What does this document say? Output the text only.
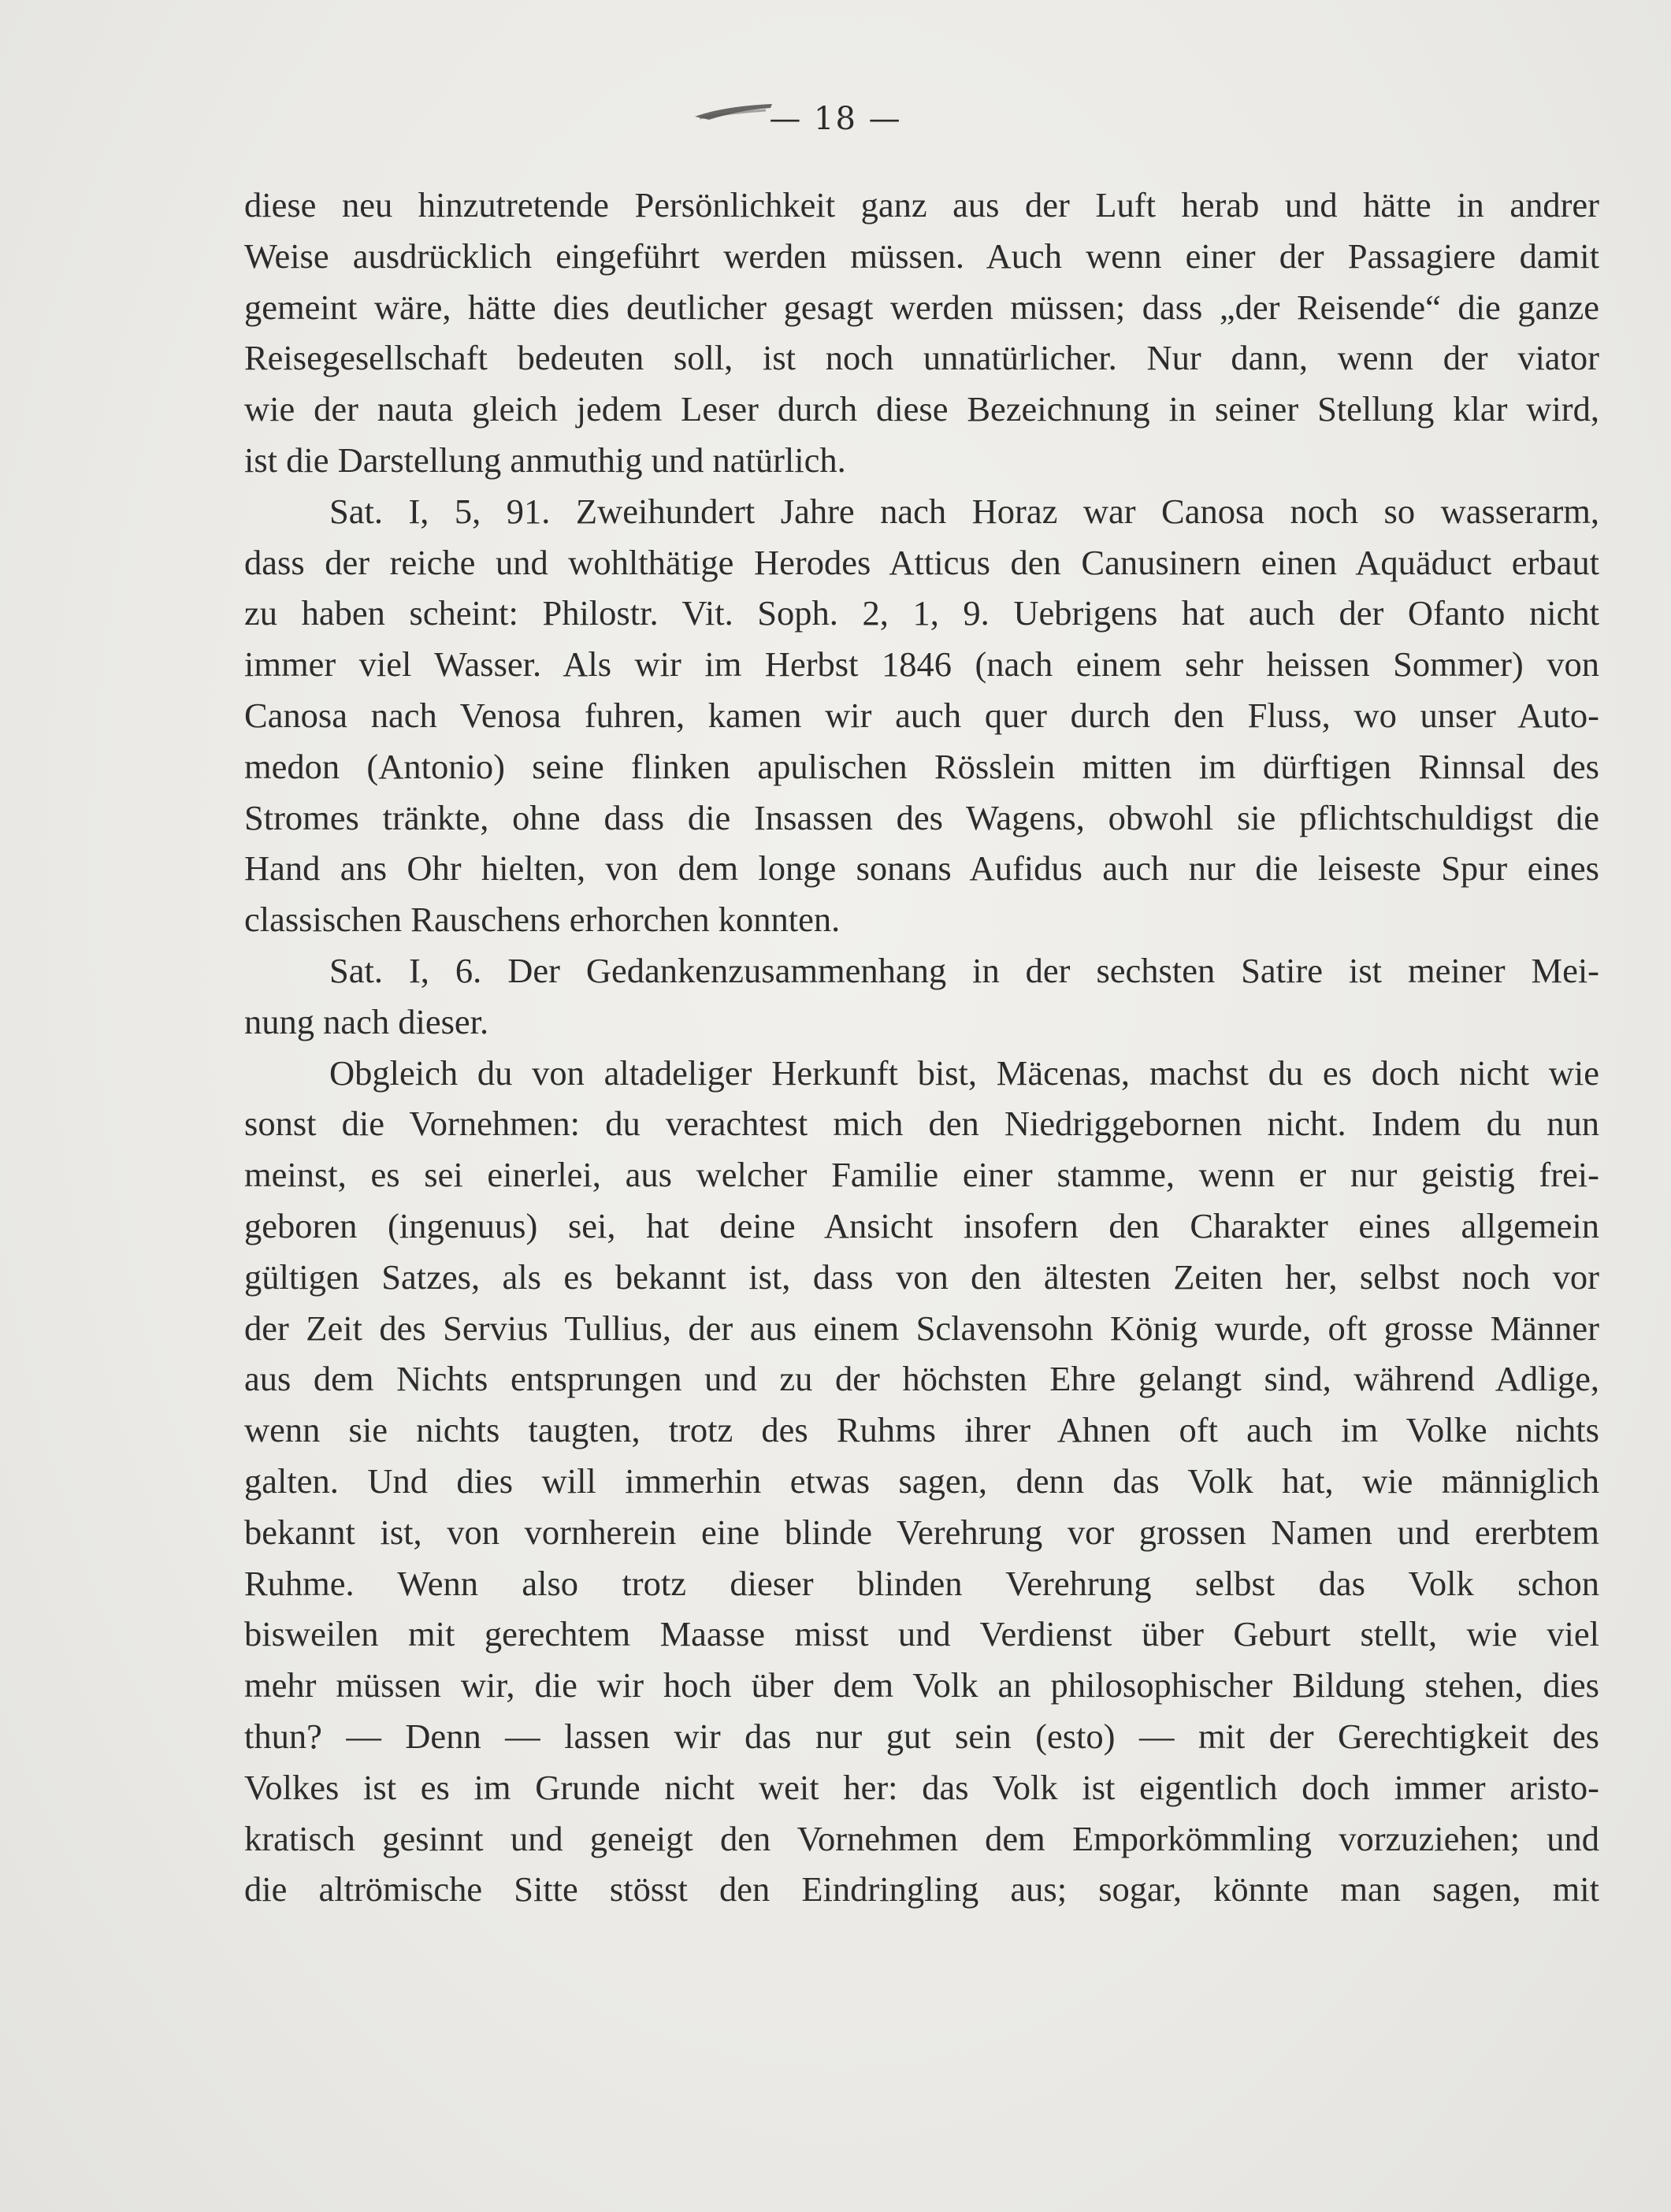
— 18 —

diese neu hinzutretende Persönlichkeit ganz aus der Luft herab und hätte in andrer
Weise ausdrücklich eingeführt werden müssen. Auch wenn einer der Passagiere damit
gemeint wäre, hätte dies deutlicher gesagt werden müssen; dass „der Reisende“ die ganze
Reisegesellschaft bedeuten soll, ist noch unnatürlicher. Nur dann, wenn der viator
wie der nauta gleich jedem Leser durch diese Bezeichnung in seiner Stellung klar wird,
ist die Darstellung anmuthig und natürlich.

Sat. I, 5, 91. Zweihundert Jahre nach Horaz war Canosa noch so wasserarm,
dass der reiche und wohlthätige Herodes Atticus den Canusinern einen Aquäduct erbaut
zu haben scheint: Philostr. Vit. Soph. 2, 1, 9. Uebrigens hat auch der Ofanto nicht
immer viel Wasser. Als wir im Herbst 1846 (nach einem sehr heissen Sommer) von
Canosa nach Venosa fuhren, kamen wir auch quer durch den Fluss, wo unser Auto-
medon (Antonio) seine flinken apulischen Rösslein mitten im dürftigen Rinnsal des
Stromes tränkte, ohne dass die Insassen des Wagens, obwohl sie pflichtschuldigst die
Hand ans Ohr hielten, von dem longe sonans Aufidus auch nur die leiseste Spur eines
classischen Rauschens erhorchen konnten.

Sat. I, 6. Der Gedankenzusammenhang in der sechsten Satire ist meiner Mei-
nung nach dieser.

Obgleich du von altadeliger Herkunft bist, Mäcenas, machst du es doch nicht wie
sonst die Vornehmen: du verachtest mich den Niedriggebornen nicht. Indem du nun
meinst, es sei einerlei, aus welcher Familie einer stamme, wenn er nur geistig frei-
geboren (ingenuus) sei, hat deine Ansicht insofern den Charakter eines allgemein
gültigen Satzes, als es bekannt ist, dass von den ältesten Zeiten her, selbst noch vor
der Zeit des Servius Tullius, der aus einem Sclavensohn König wurde, oft grosse Männer
aus dem Nichts entsprungen und zu der höchsten Ehre gelangt sind, während Adlige,
wenn sie nichts taugten, trotz des Ruhms ihrer Ahnen oft auch im Volke nichts
galten. Und dies will immerhin etwas sagen, denn das Volk hat, wie männiglich
bekannt ist, von vornherein eine blinde Verehrung vor grossen Namen und ererbtem
Ruhme. Wenn also trotz dieser blinden Verehrung selbst das Volk schon
bisweilen mit gerechtem Maasse misst und Verdienst über Geburt stellt, wie viel
mehr müssen wir, die wir hoch über dem Volk an philosophischer Bildung stehen, dies
thun? — Denn — lassen wir das nur gut sein (esto) — mit der Gerechtigkeit des
Volkes ist es im Grunde nicht weit her: das Volk ist eigentlich doch immer aristo-
kratisch gesinnt und geneigt den Vornehmen dem Emporkömmling vorzuziehen; und
die altrömische Sitte stösst den Eindringling aus; sogar, könnte man sagen, mit
